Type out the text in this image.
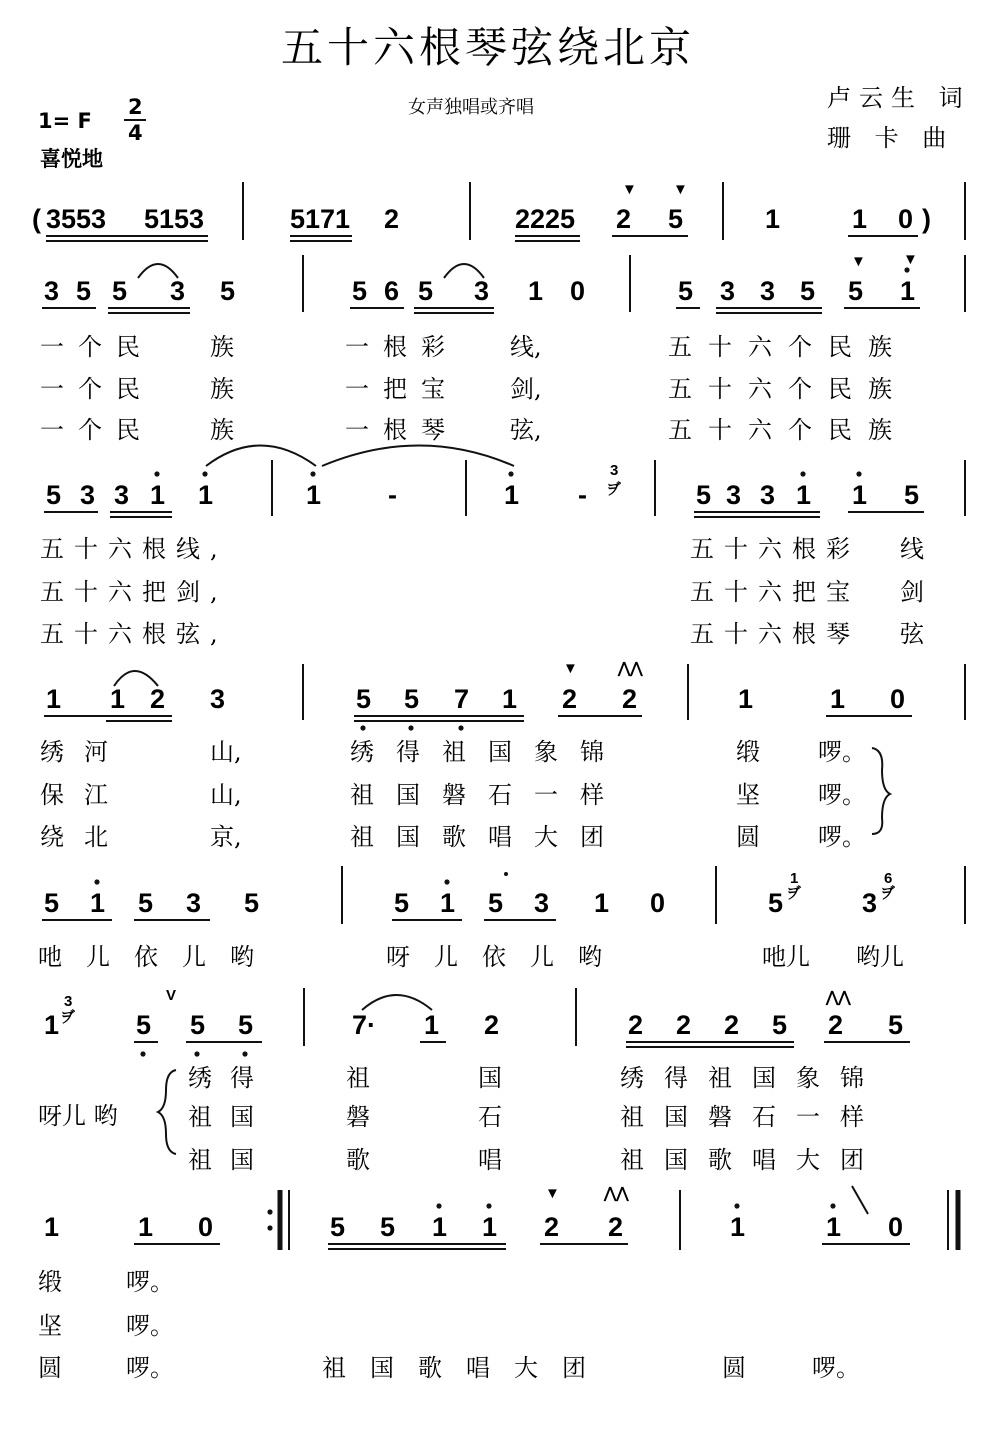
五十六根琴弦绕北京
1= F
2
4
喜悦地
女声独唱或齐唱	卢云生 词
珊 卡 曲
( 3553 5153	5171 2	2225 2 5
▼ ▼
1	1 0 )
3 5 5 3 5	5 6 5 3 1 0	5 3 3 5 5 1
▼ ▼
一个民 族	一根彩 线,	五十六个民族
一个民 族	一把宝 剑,	五十六个民族
一个民 族	一根琴 弦,	五十六个民族
5 3 3 1 1	1 -	1 -
3
ヺ	5 3 3 1 1 5
五十六根线,	五十六根彩 线
五十六把剑,	五十六把宝 剑
五十六根弦,	五十六根琴 弦
1 1 2 3	5 5 7 1 2 2
▼	⋀⋀
1	1 0
绣河	山,	绣得祖国象锦	缎 啰。
保江	山,	祖国磐石一样	坚 啰。
绕北	京,	祖国歌唱大团	圆 啰。
5 1 5 3 5	5 1 5 3 1 0	5
1
ヺ 3
6
ヺ
吔儿依儿哟	呀儿依儿哟	吔儿 哟儿
1
3
ヺ
V
5 5 5	7· 1 2	2 2 2 5 2 5
⋀⋀
呀儿 哟
绣得	祖	国	绣得祖国象锦
祖国	磐	石	祖国磐石一样
祖国	歌	唱	祖国歌唱大团
1	1 0	5 5 1 1 2 2
▼	⋀⋀
1	1 0
缎	啰。
坚	啰。
圆	啰。	祖国歌唱大团	圆	啰。
